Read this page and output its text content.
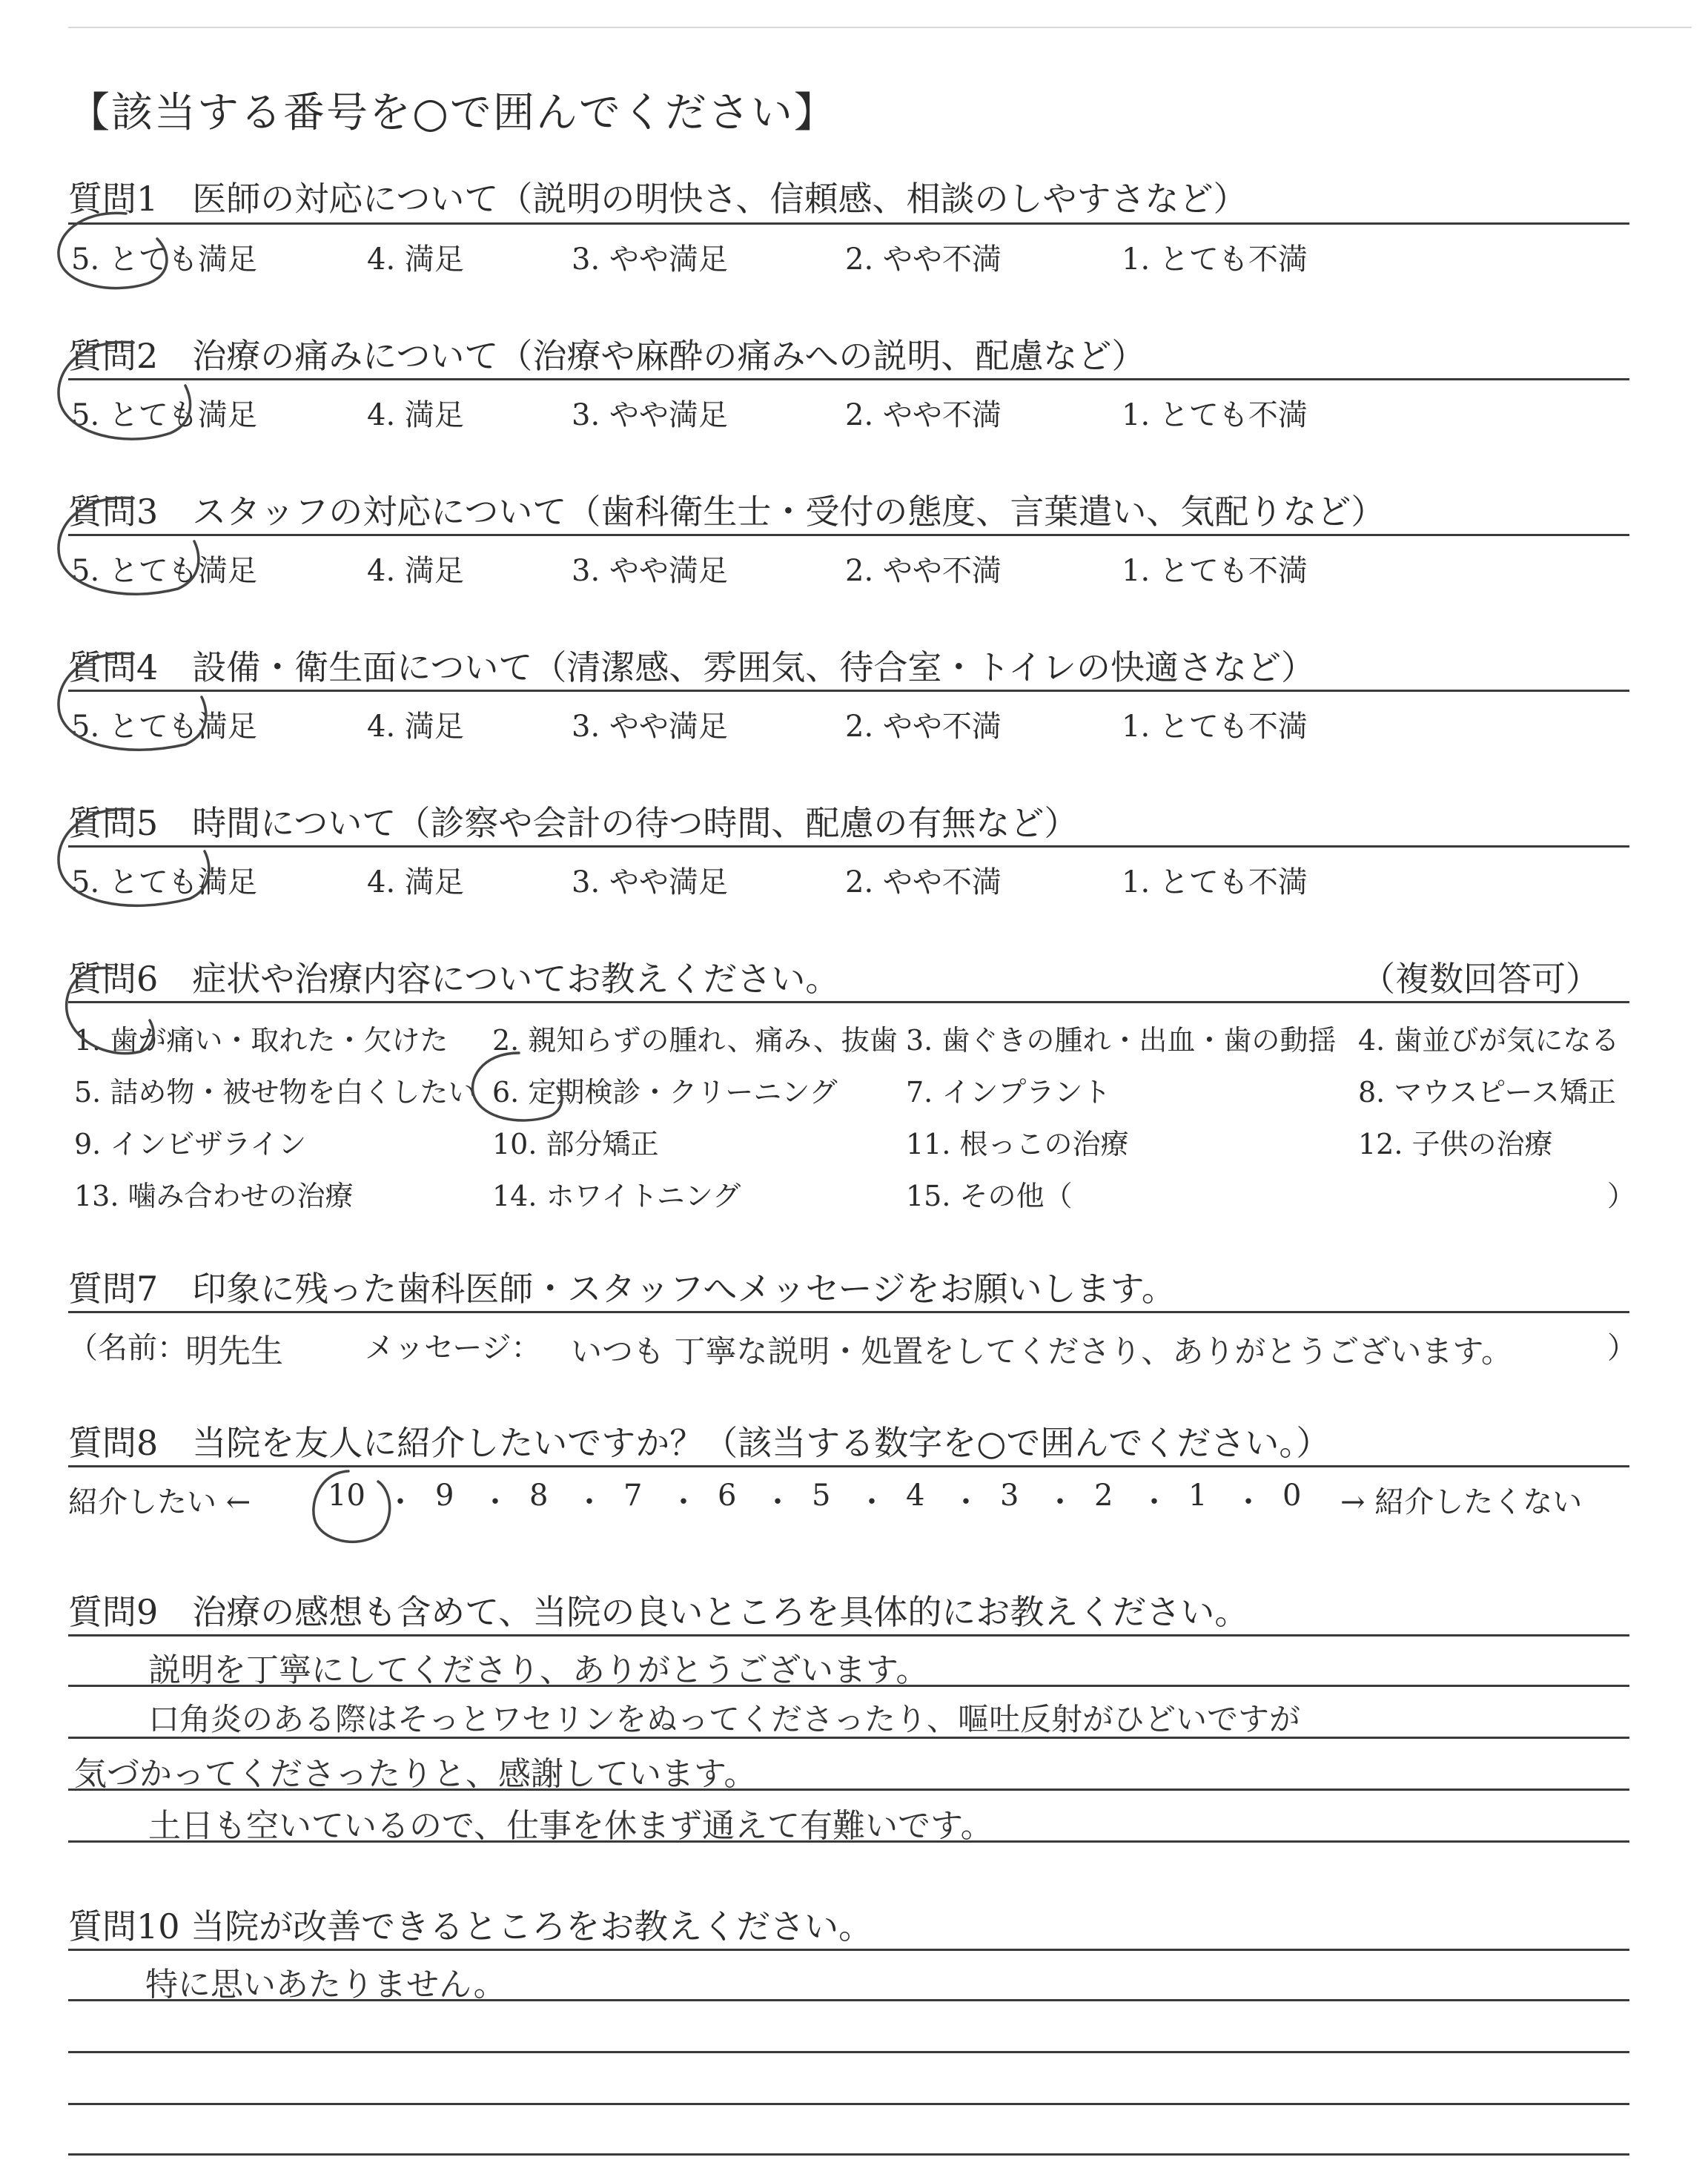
【該当する番号を○で囲んでください】
質問1　医師の対応について（説明の明快さ、信頼感、相談のしやすさなど）
5. とても満足	4. 満足	3. やや満足	2. やや不満	1. とても不満
質問2　治療の痛みについて（治療や麻酔の痛みへの説明、配慮など）
5. とても満足	4. 満足	3. やや満足	2. やや不満	1. とても不満
質問3　スタッフの対応について（歯科衛生士・受付の態度、言葉遣い、気配りなど）
5. とても満足	4. 満足	3. やや満足	2. やや不満	1. とても不満
質問4　設備・衛生面について（清潔感、雰囲気、待合室・トイレの快適さなど）
5. とても満足	4. 満足	3. やや満足	2. やや不満	1. とても不満
質問5　時間について（診察や会計の待つ時間、配慮の有無など）
5. とても満足	4. 満足	3. やや満足	2. やや不満	1. とても不満
質問6　症状や治療内容についてお教えください。	（複数回答可）
1. 歯が痛い・取れた・欠けた 2. 親知らずの腫れ、痛み、抜歯 3. 歯ぐきの腫れ・出血・歯の動揺 4. 歯並びが気になる
5. 詰め物・被せ物を白くしたい 6. 定期検診・クリーニング 7. インプラント	8. マウスピース矯正
9. インビザライン	10. 部分矯正	11. 根っこの治療	12. 子供の治療
13. 噛み合わせの治療	14. ホワイトニング	15. その他（	）
質問7　印象に残った歯科医師・スタッフへメッセージをお願いします。
（名前：
明先生	メッセージ： いつも 丁寧な説明・処置をしてくださり、ありがとうございます。	）
質問8　当院を友人に紹介したいですか？（該当する数字を○で囲んでください。）
紹介したい ←	10 ・ 9 ・ 8 ・ 7 ・ 6 ・ 5 ・ 4 ・ 3 ・ 2 ・ 1 ・ 0 → 紹介したくない
質問9　治療の感想も含めて、当院の良いところを具体的にお教えください。
説明を丁寧にしてくださり、ありがとうございます。
口角炎のある際はそっとワセリンをぬってくださったり、嘔吐反射がひどいですが
気づかってくださったりと、感謝しています。
土日も空いているので、仕事を休まず通えて有難いです。
質問10 当院が改善できるところをお教えください。
特に思いあたりません。
